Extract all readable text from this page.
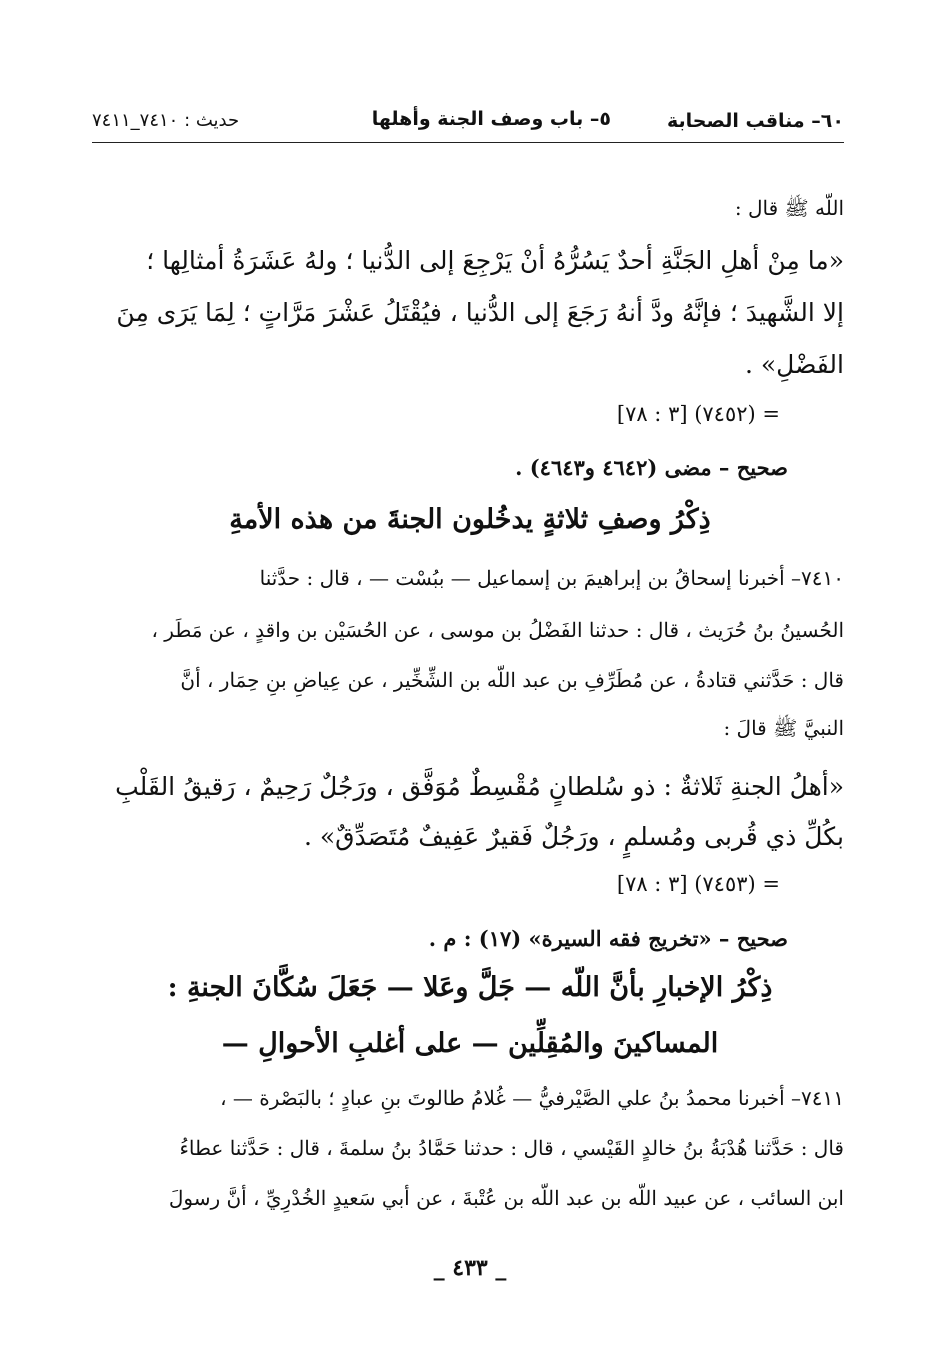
٦٠– مناقب الصحابة
٥– باب وصف الجنة وأهلها
حديث : ٧٤١٠_٧٤١١
اللّه ﷺ قال :
«ما مِنْ أهلِ الجَنَّةِ أحدٌ يَسُرُّهُ أنْ يَرْجِعَ إلى الدُّنيا ؛ ولهُ عَشَرَةُ أمثالِها ؛
إلا الشَّهيدَ ؛ فإنَّهُ ودَّ أنهُ رَجَعَ إلى الدُّنيا ، فيُقْتَلُ عَشْرَ مَرَّاتٍ ؛ لِمَا يَرَى مِنَ
الفَضْلِ» .
= (٧٤٥٢) [٣ : ٧٨]
صحيح – مضى (٤٦٤٢ و٤٦٤٣) .
ذِكْرُ وصفِ ثلاثةٍ يدخُلون الجنةَ من هذه الأمةِ
٧٤١٠– أخبرنا إسحاقُ بن إبراهيمَ بن إسماعيل — ببُسْت — ، قال : حدَّثنا
الحُسينُ بنُ حُرَيث ، قال : حدثنا الفَضْلُ بن موسى ، عن الحُسَيْن بن واقدٍ ، عن مَطَر ،
قال : حَدَّثني قتادةُ ، عن مُطَرِّفِ بن عبد اللّه بن الشِّخِّير ، عن عِياضِ بنِ حِمَار ، أنَّ
النبيَّ ﷺ قالَ :
«أهلُ الجنةِ ثَلاثةٌ : ذو سُلطانٍ مُقْسِطٌ مُوَفَّق ، ورَجُلٌ رَحِيمٌ ، رَقيقُ القَلْبِ
بكُلِّ ذي قُربى ومُسلمٍ ، ورَجُلٌ فَقيرٌ عَفِيفٌ مُتَصَدِّقٌ» .
= (٧٤٥٣) [٣ : ٧٨]
صحيح – «تخريج فقه السيرة» (١٧) : م .
ذِكْرُ الإخبارِ بأنَّ اللّه — جَلَّ وعَلا — جَعَلَ سُكَّانَ الجنةِ :
المساكينَ والمُقِلِّين — على أغلبِ الأحوالِ —
٧٤١١– أخبرنا محمدُ بنُ علي الصَّيْرفيُّ — غُلامُ طالوتَ بنِ عبادٍ ؛ بالبَصْرة — ،
قال : حَدَّثنا هُدْبَةُ بنُ خالدٍ القَيْسي ، قال : حدثنا حَمَّادُ بنُ سلمةَ ، قال : حَدَّثنا عطاءُ
ابن السائب ، عن عبيد اللّه بن عبد اللّه بن عُتْبةَ ، عن أبي سَعيدٍ الخُدْرِيِّ ، أنَّ رسولَ
_ ٤٣٣ _
